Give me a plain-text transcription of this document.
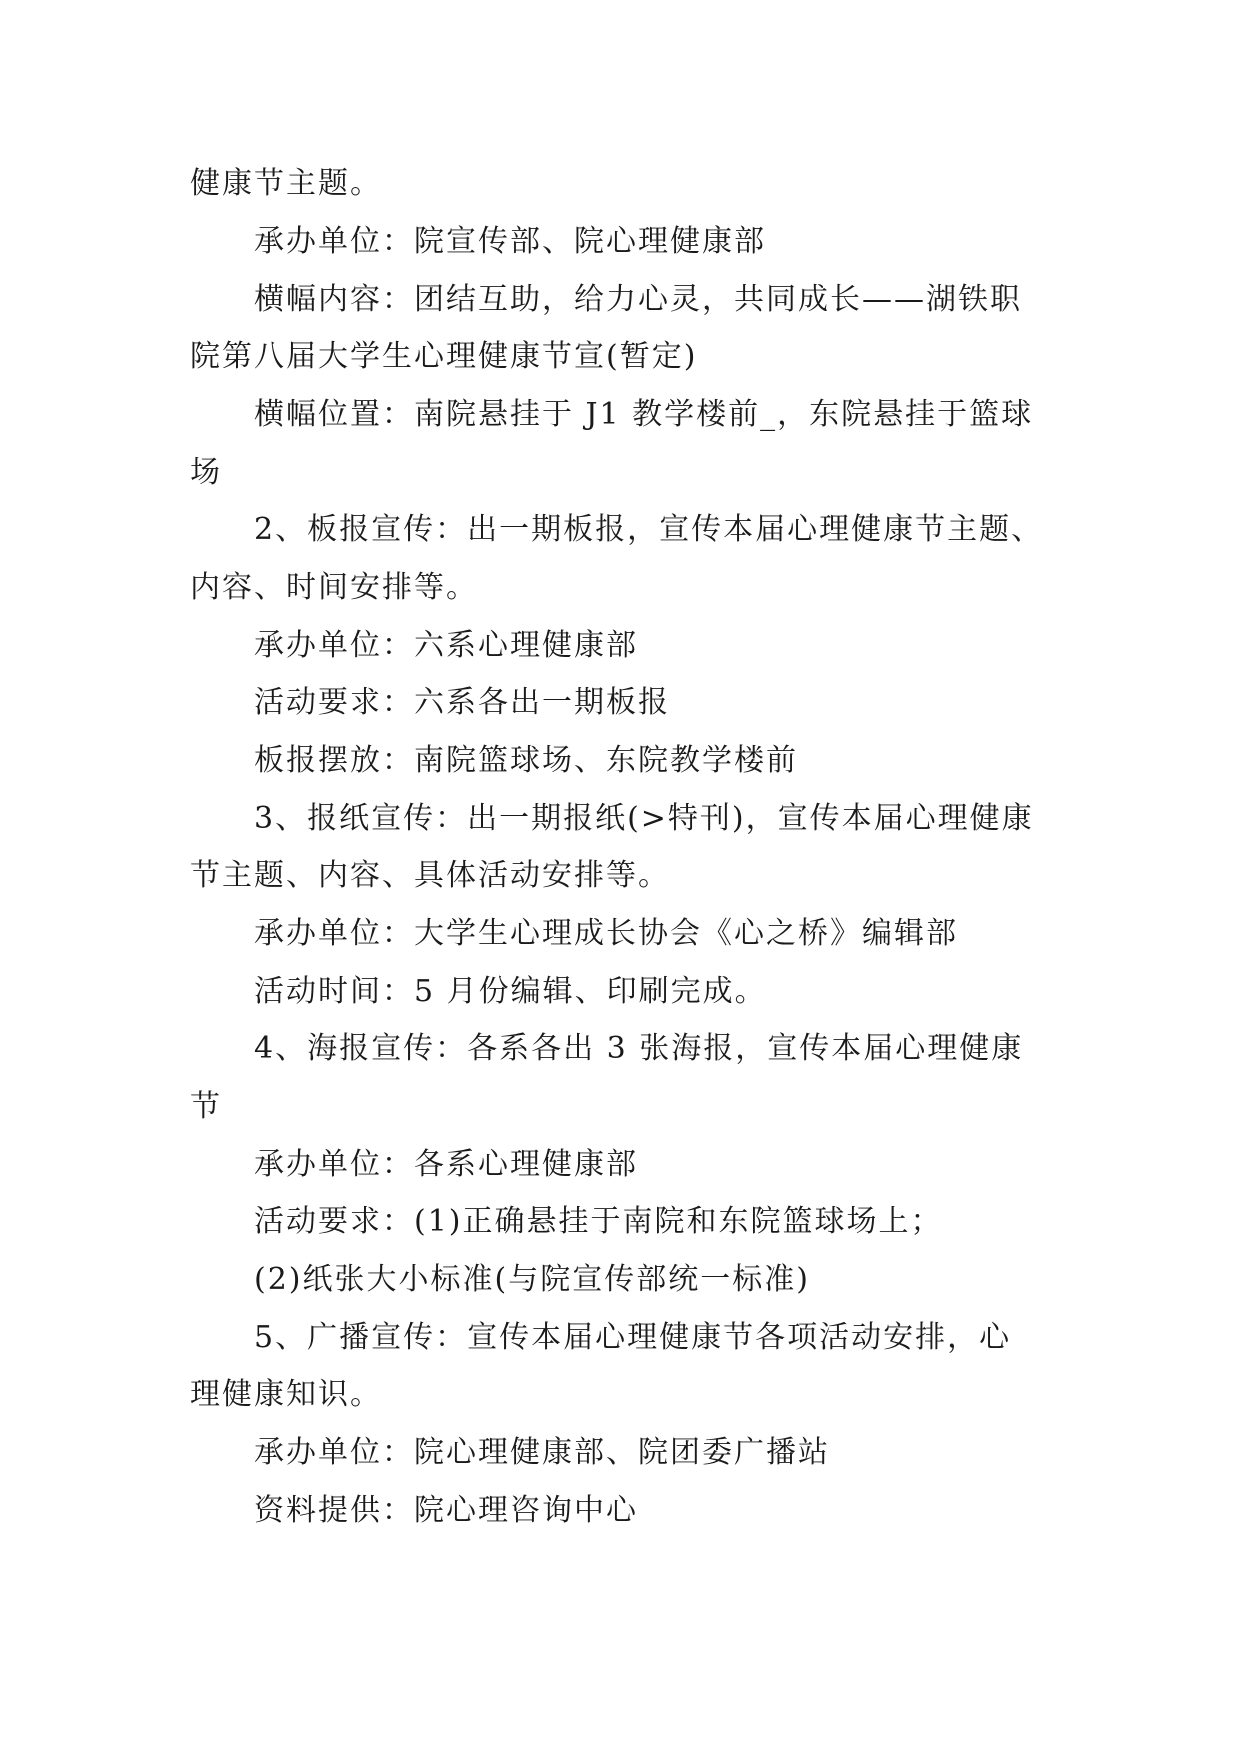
健康节主题。

承办单位：院宣传部、院心理健康部

横幅内容：团结互助，给力心灵，共同成长——湖铁职

院第八届大学生心理健康节宣(暂定)

横幅位置：南院悬挂于 J1 教学楼前_，东院悬挂于篮球

场

2、板报宣传：出一期板报，宣传本届心理健康节主题、

内容、时间安排等。

承办单位：六系心理健康部

活动要求：六系各出一期板报

板报摆放：南院篮球场、东院教学楼前

3、报纸宣传：出一期报纸(>特刊)，宣传本届心理健康

节主题、内容、具体活动安排等。

承办单位：大学生心理成长协会《心之桥》编辑部

活动时间：5 月份编辑、印刷完成。

4、海报宣传：各系各出 3 张海报，宣传本届心理健康

节

承办单位：各系心理健康部

活动要求：(1)正确悬挂于南院和东院篮球场上；

(2)纸张大小标准(与院宣传部统一标准)

5、广播宣传：宣传本届心理健康节各项活动安排，心

理健康知识。

承办单位：院心理健康部、院团委广播站

资料提供：院心理咨询中心
